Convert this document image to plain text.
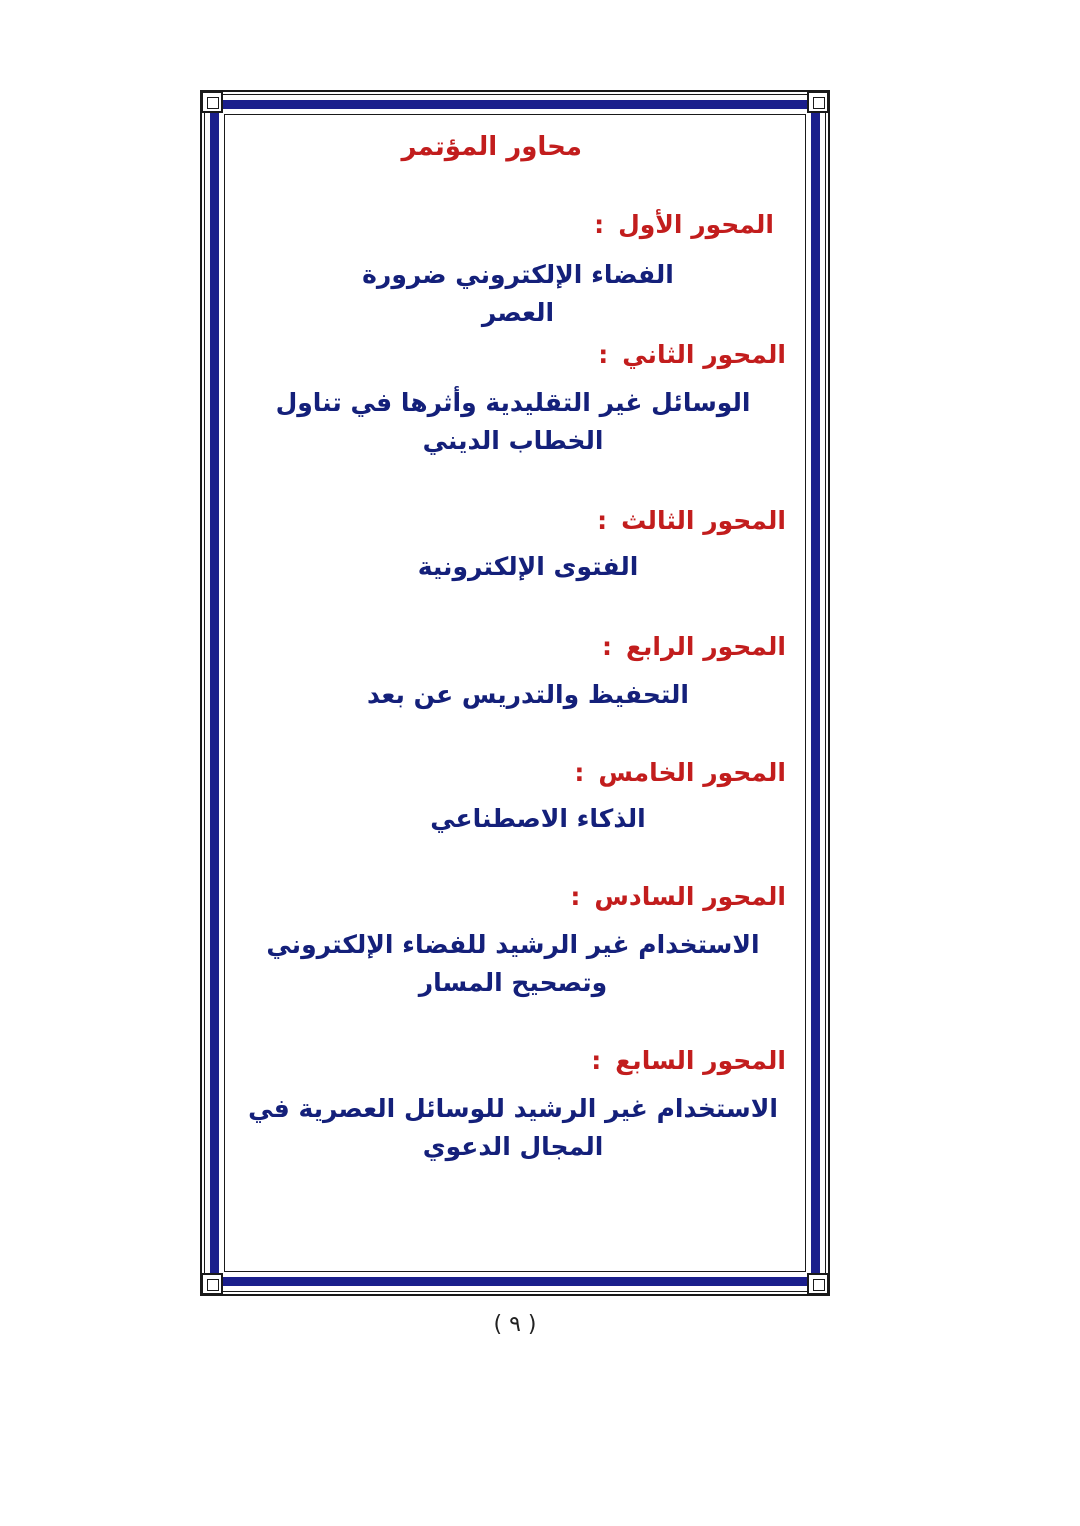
محاور المؤتمر
المحور الأول:
الفضاء الإلكتروني ضرورة العصر
المحور الثاني:
الوسائل غير التقليدية وأثرها في تناول الخطاب الديني
المحور الثالث:
الفتوى الإلكترونية
المحور الرابع:
التحفيظ والتدريس عن بعد
المحور الخامس:
الذكاء الاصطناعي
المحور السادس:
الاستخدام غير الرشيد للفضاء الإلكتروني وتصحيح المسار
المحور السابع:
الاستخدام غير الرشيد للوسائل العصرية في المجال الدعوي
( ٩ )
